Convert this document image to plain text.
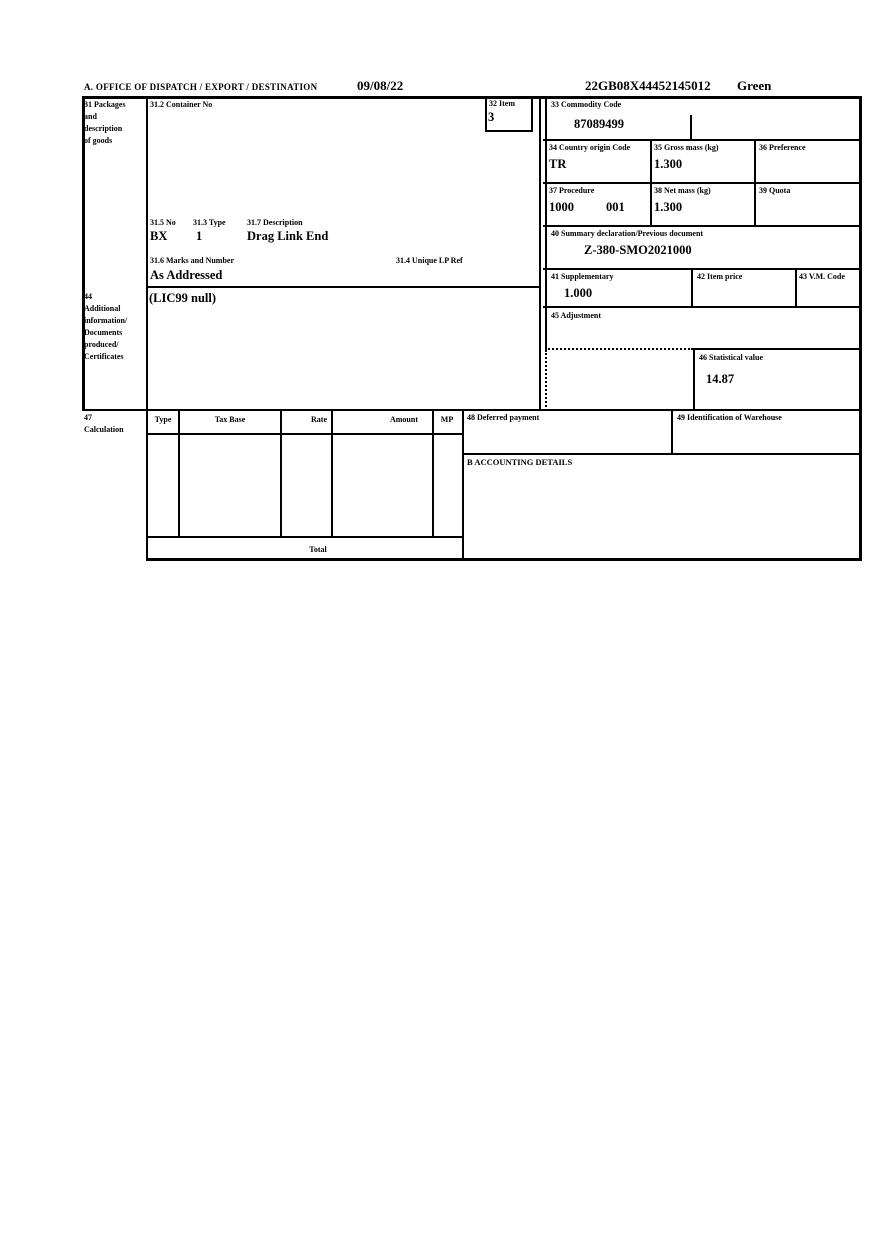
A. OFFICE OF DISPATCH / EXPORT / DESTINATION	09/08/22	22GB08X44452145012 Green
31 Packages
and
description
of goods
31.2 Container No	32 Item
3
33 Commodity Code
87089499
34 Country origin Code
TR
35 Gross mass (kg)
1.300
36 Preference
37 Procedure
1000	001
38 Net mass (kg)
1.300
39 Quota
40 Summary declaration/Previous document
Z-380-SMO2021000
41 Supplementary
1.000
42 Item price	43 V.M. Code
31.5 No 31.3 Type	31.7 Description
BX 1	Drag Link End
31.6 Marks and Number	31.4 Unique LP Ref
As Addressed
44
Additional
information/
Documents
produced/
Certificates
(LIC99 null)
45 Adjustment
46 Statistical value
14.87
47
Calculation
Type	Tax Base	Rate	Amount	MP
Total
48 Deferred payment	49 Identification of Warehouse
B ACCOUNTING DETAILS
